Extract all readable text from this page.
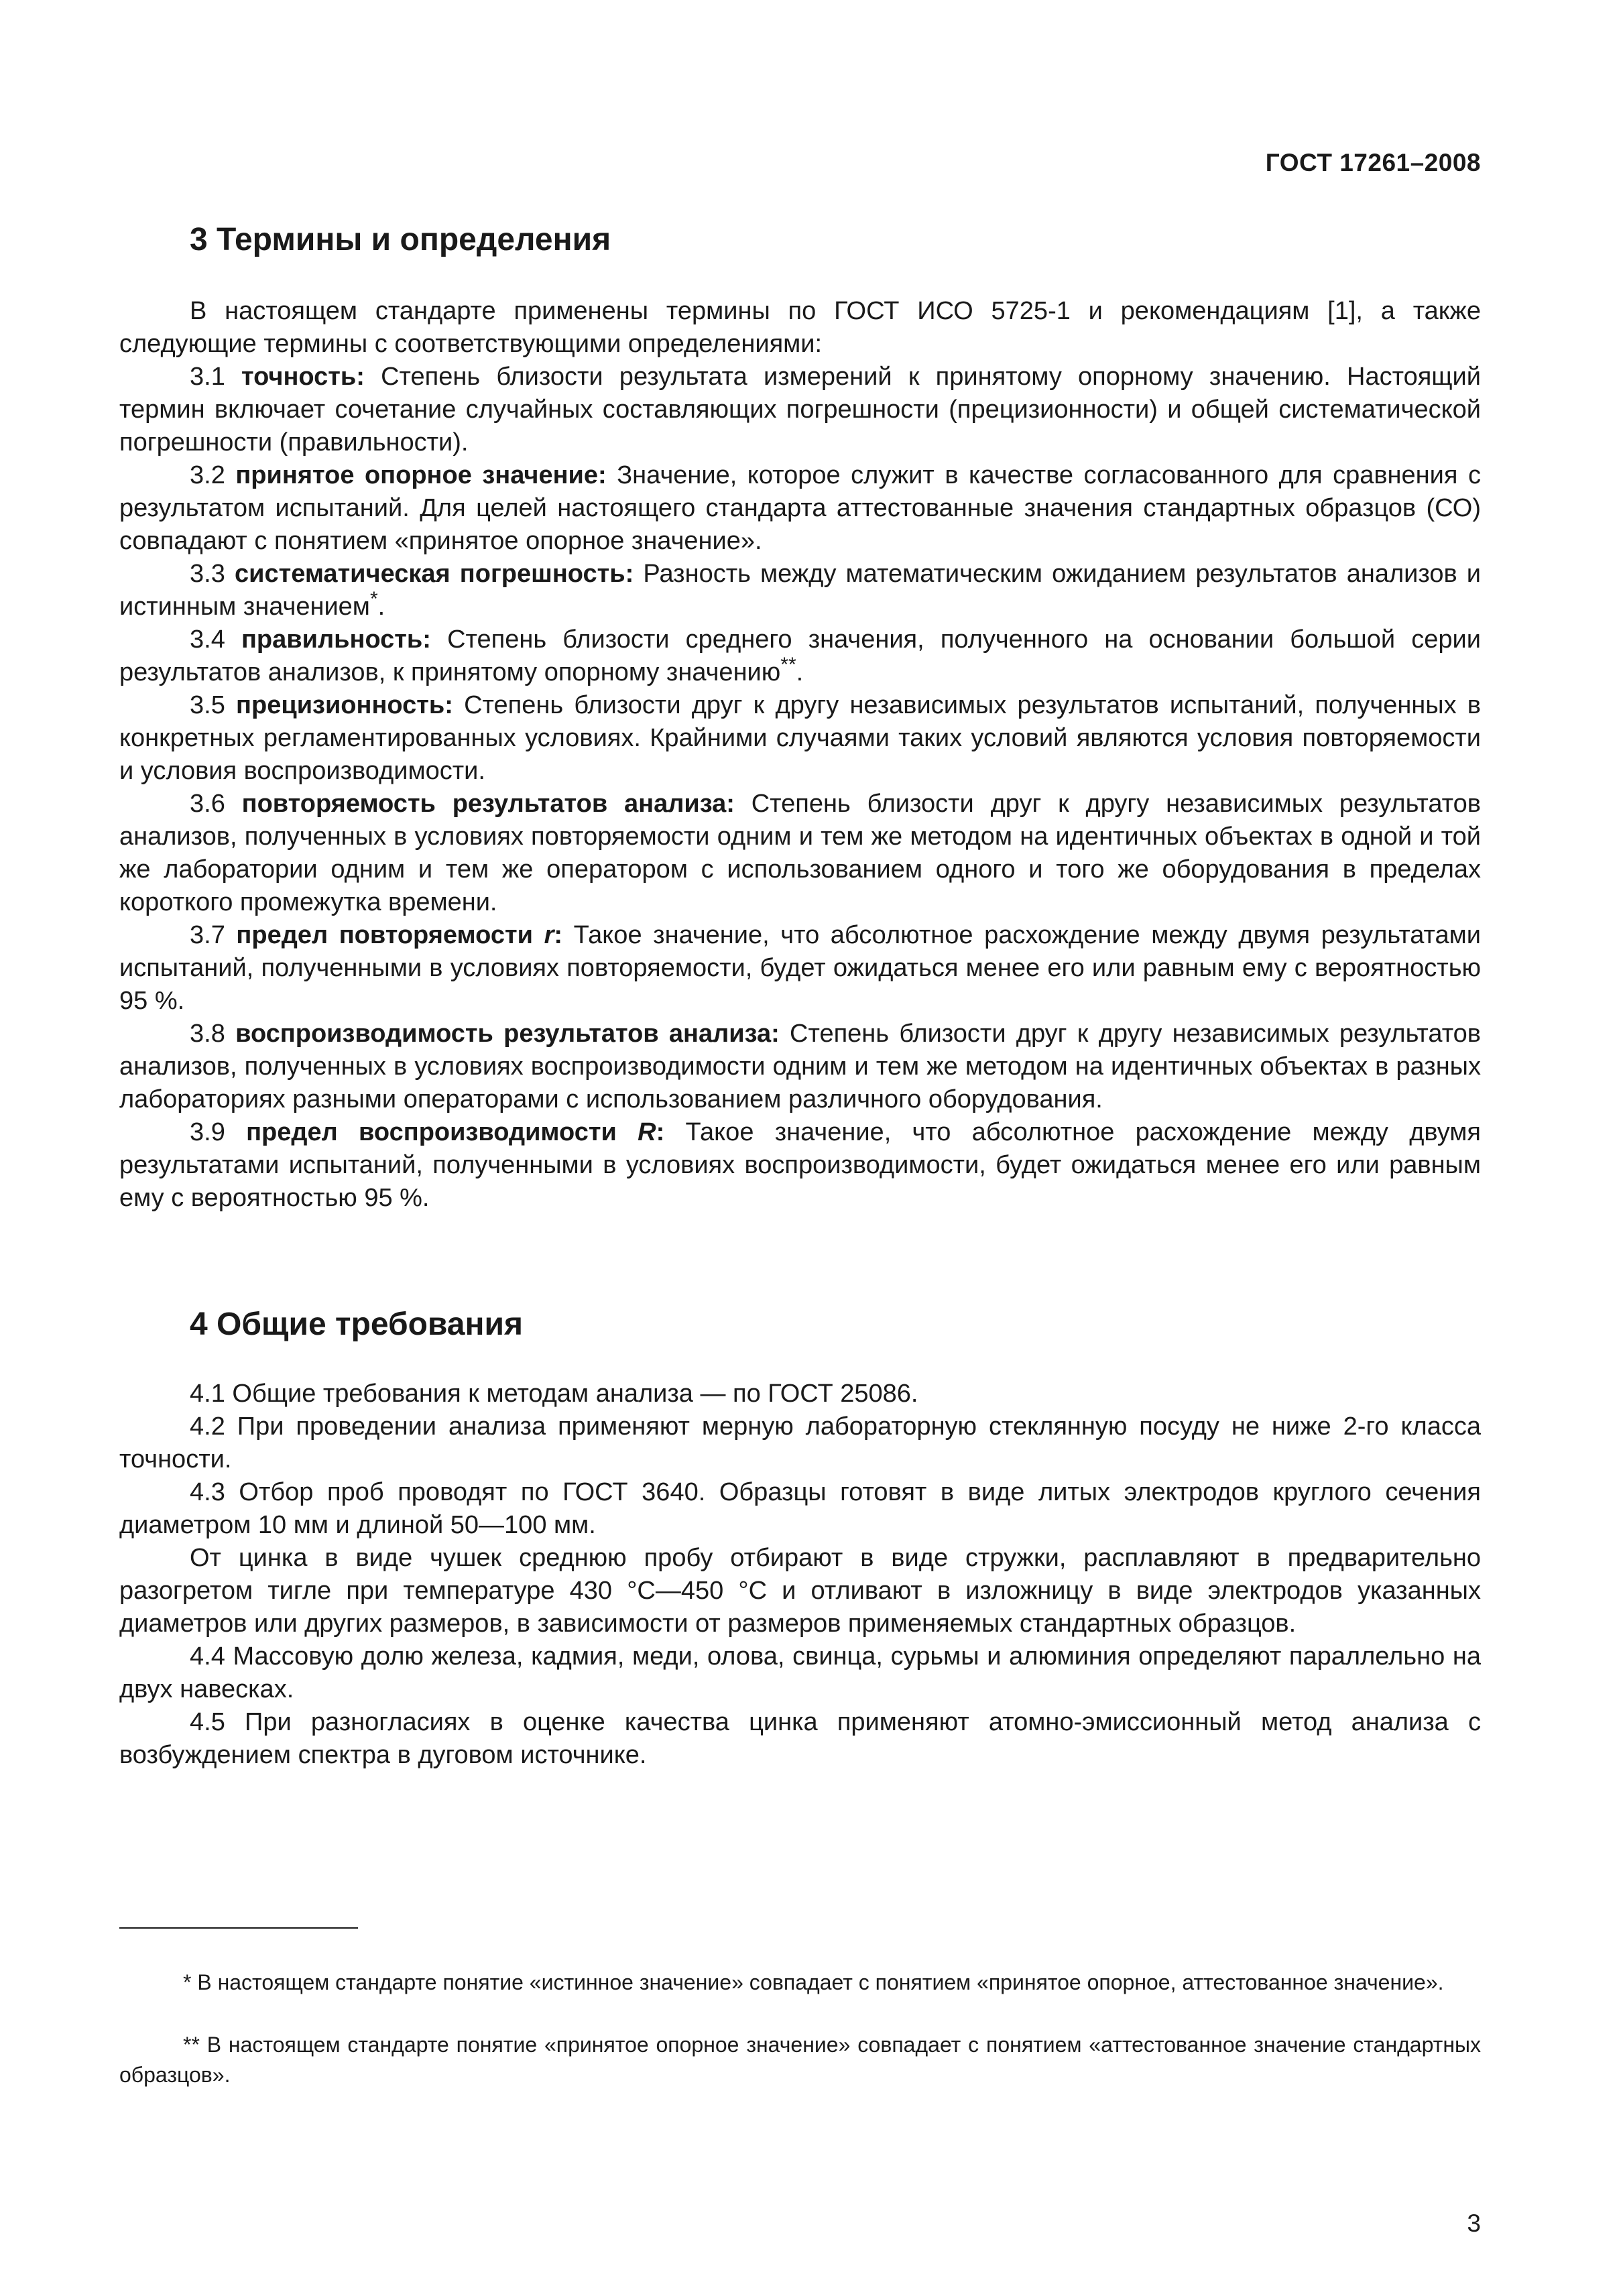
ГОСТ 17261–2008
3 Термины и определения

В настоящем стандарте применены термины по ГОСТ ИСО 5725-1 и рекомендациям [1], а также следующие термины с соответствующими определениями:

3.1 точность: Степень близости результата измерений к принятому опорному значению. Настоящий термин включает сочетание случайных составляющих погрешности (прецизионности) и общей систематической погрешности (правильности).

3.2 принятое опорное значение: Значение, которое служит в качестве согласованного для сравнения с результатом испытаний. Для целей настоящего стандарта аттестованные значения стандартных образцов (СО) совпадают с понятием «принятое опорное значение».

3.3 систематическая погрешность: Разность между математическим ожиданием результатов анализов и истинным значением*.

3.4 правильность: Степень близости среднего значения, полученного на основании большой серии результатов анализов, к принятому опорному значению**.

3.5 прецизионность: Степень близости друг к другу независимых результатов испытаний, полученных в конкретных регламентированных условиях. Крайними случаями таких условий являются условия повторяемости и условия воспроизводимости.

3.6 повторяемость результатов анализа: Степень близости друг к другу независимых результатов анализов, полученных в условиях повторяемости одним и тем же методом на идентичных объектах в одной и той же лаборатории одним и тем же оператором с использованием одного и того же оборудования в пределах короткого промежутка времени.

3.7 предел повторяемости r: Такое значение, что абсолютное расхождение между двумя результатами испытаний, полученными в условиях повторяемости, будет ожидаться менее его или равным ему с вероятностью 95 %.

3.8 воспроизводимость результатов анализа: Степень близости друг к другу независимых результатов анализов, полученных в условиях воспроизводимости одним и тем же методом на идентичных объектах в разных лабораториях разными операторами с использованием различного оборудования.

3.9 предел воспроизводимости R: Такое значение, что абсолютное расхождение между двумя результатами испытаний, полученными в условиях воспроизводимости, будет ожидаться менее его или равным ему с вероятностью 95 %.

4 Общие требования

4.1 Общие требования к методам анализа — по ГОСТ 25086.

4.2 При проведении анализа применяют мерную лабораторную стеклянную посуду не ниже 2-го класса точности.

4.3 Отбор проб проводят по ГОСТ 3640. Образцы готовят в виде литых электродов круглого сечения диаметром 10 мм и длиной 50—100 мм.

От цинка в виде чушек среднюю пробу отбирают в виде стружки, расплавляют в предварительно разогретом тигле при температуре 430 °С—450 °С и отливают в изложницу в виде электродов указанных диаметров или других размеров, в зависимости от размеров применяемых стандартных образцов.

4.4 Массовую долю железа, кадмия, меди, олова, свинца, сурьмы и алюминия определяют параллельно на двух навесках.

4.5 При разногласиях в оценке качества цинка применяют атомно-эмиссионный метод анализа с возбуждением спектра в дуговом источнике.

* В настоящем стандарте понятие «истинное значение» совпадает с понятием «принятое опорное, аттестованное значение».

** В настоящем стандарте понятие «принятое опорное значение» совпадает с понятием «аттестованное значение стандартных образцов».

3
